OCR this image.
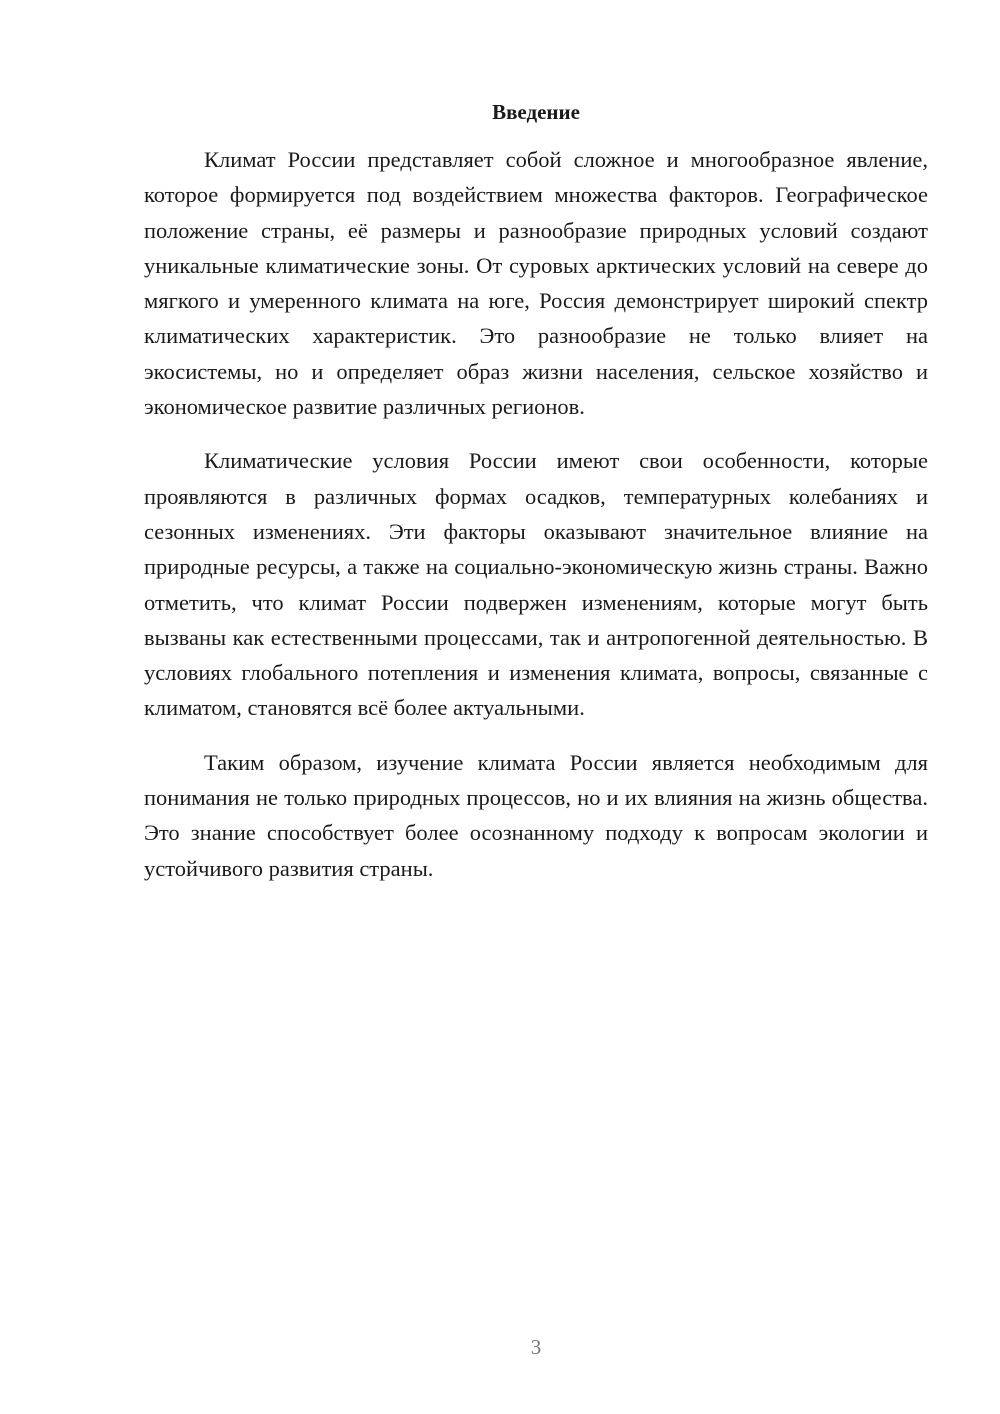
Введение

Климат России представляет собой сложное и многообразное явление, которое формируется под воздействием множества факторов. Географическое положение страны, её размеры и разнообразие природных условий создают уникальные климатические зоны. От суровых арктических условий на севере до мягкого и умеренного климата на юге, Россия демонстрирует широкий спектр климатических характеристик. Это разнообразие не только влияет на экосистемы, но и определяет образ жизни населения, сельское хозяйство и экономическое развитие различных регионов.

Климатические условия России имеют свои особенности, которые проявляются в различных формах осадков, температурных колебаниях и сезонных изменениях. Эти факторы оказывают значительное влияние на природные ресурсы, а также на социально-экономическую жизнь страны. Важно отметить, что климат России подвержен изменениям, которые могут быть вызваны как естественными процессами, так и антропогенной деятельностью. В условиях глобального потепления и изменения климата, вопросы, связанные с климатом, становятся всё более актуальными.

Таким образом, изучение климата России является необходимым для понимания не только природных процессов, но и их влияния на жизнь общества. Это знание способствует более осознанному подходу к вопросам экологии и устойчивого развития страны.

3
